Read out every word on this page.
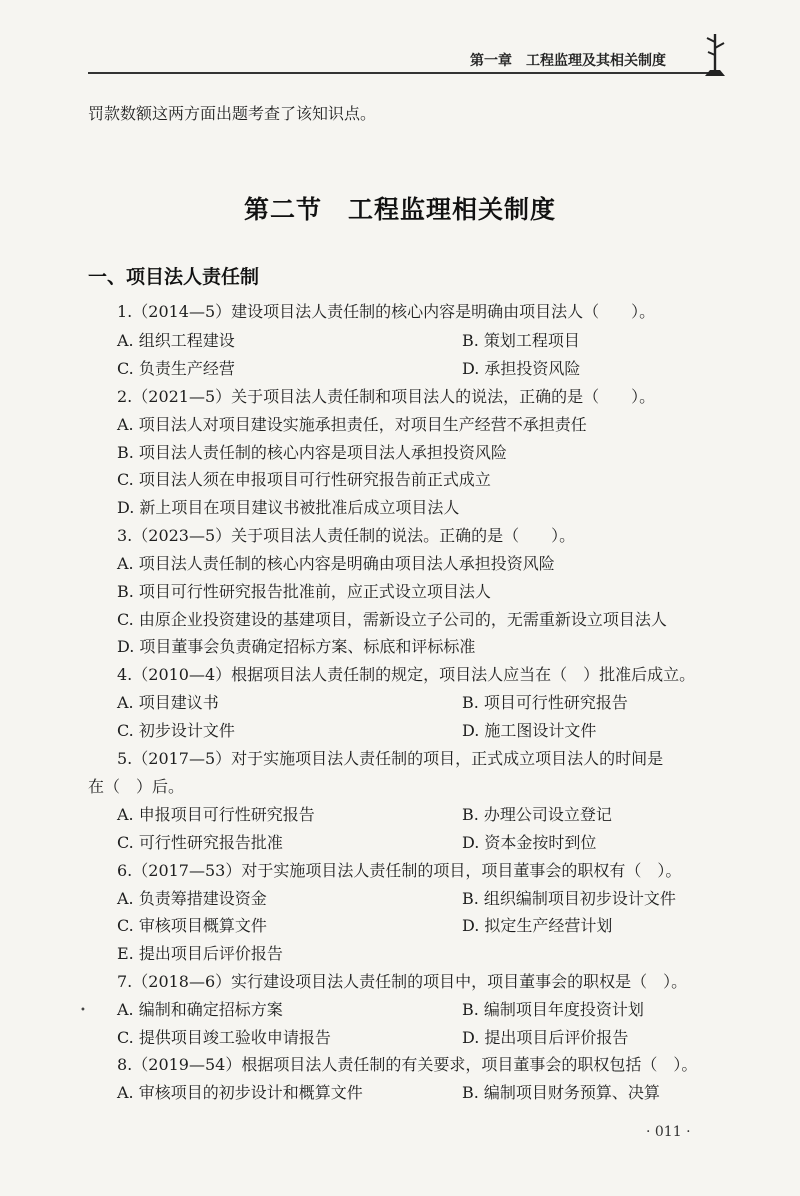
第一章 工程监理及其相关制度
罚款数额这两方面出题考查了该知识点。
第二节 工程监理相关制度
一、项目法人责任制
1.（2014—5）建设项目法人责任制的核心内容是明确由项目法人（　　）。
A. 组织工程建设	B. 策划工程项目
C. 负责生产经营	D. 承担投资风险
2.（2021—5）关于项目法人责任制和项目法人的说法，正确的是（　　）。
A. 项目法人对项目建设实施承担责任，对项目生产经营不承担责任
B. 项目法人责任制的核心内容是项目法人承担投资风险
C. 项目法人须在申报项目可行性研究报告前正式成立
D. 新上项目在项目建议书被批准后成立项目法人
3.（2023—5）关于项目法人责任制的说法。正确的是（　　）。
A. 项目法人责任制的核心内容是明确由项目法人承担投资风险
B. 项目可行性研究报告批准前，应正式设立项目法人
C. 由原企业投资建设的基建项目，需新设立子公司的，无需重新设立项目法人
D. 项目董事会负责确定招标方案、标底和评标标准
4.（2010—4）根据项目法人责任制的规定，项目法人应当在（　）批准后成立。
A. 项目建议书	B. 项目可行性研究报告
C. 初步设计文件	D. 施工图设计文件
5.（2017—5）对于实施项目法人责任制的项目，正式成立项目法人的时间是
在（　）后。
A. 申报项目可行性研究报告	B. 办理公司设立登记
C. 可行性研究报告批准	D. 资本金按时到位
6.（2017—53）对于实施项目法人责任制的项目，项目董事会的职权有（　）。
A. 负责筹措建设资金	B. 组织编制项目初步设计文件
C. 审核项目概算文件	D. 拟定生产经营计划
E. 提出项目后评价报告
7.（2018—6）实行建设项目法人责任制的项目中，项目董事会的职权是（　）。
• A. 编制和确定招标方案	B. 编制项目年度投资计划
C. 提供项目竣工验收申请报告	D. 提出项目后评价报告
8.（2019—54）根据项目法人责任制的有关要求，项目董事会的职权包括（　）。
A. 审核项目的初步设计和概算文件	B. 编制项目财务预算、决算
· 011 ·
